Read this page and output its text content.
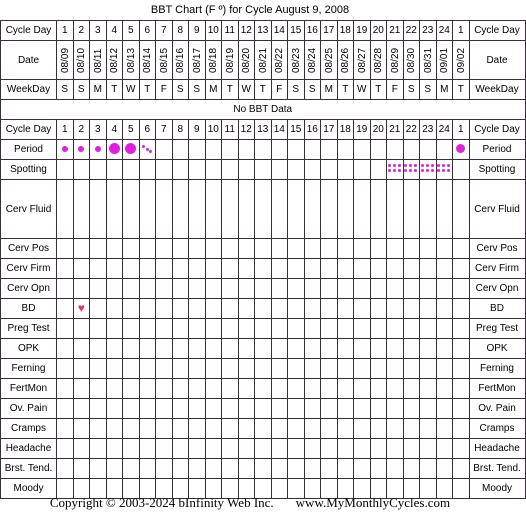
BBT Chart (F º) for Cycle August 9, 2008
Cycle Day	1	2	3	4	5	6	7	8	9	10	11	12	13	14	15	16	17	18	19	20	21	22	23	24	1	Cycle Day
Date	08/09	08/10	08/11	08/12	08/13	08/14	08/15	08/16	08/17	08/18	08/19	08/20	08/21	08/22	08/23	08/24	08/25	08/26	08/27	08/28	08/29	08/30	08/31	09/01	09/02	Date
WeekDay	S	S	M	T	W	T	F	S	S	M	T	W	T	F	S	S	M	T	W	T	F	S	S	M	T	WeekDay
No BBT Data																										
Cycle Day	1	2	3	4	5	6	7	8	9	10	11	12	13	14	15	16	17	18	19	20	21	22	23	24	1	Cycle Day
Period																										Period
Spotting																										Spotting
Cerv Fluid																										Cerv Fluid
Cerv Pos																										Cerv Pos
Cerv Firm																										Cerv Firm
Cerv Opn																										Cerv Opn
BD		♥																								BD
Preg Test																										Preg Test
OPK																										OPK
Ferning																										Ferning
FertMon																										FertMon
Ov. Pain																										Ov. Pain
Cramps																										Cramps
Headache																										Headache
Brst. Tend.																										Brst. Tend.
Moody																										Moody
Copyright © 2003-2024 bInfinity Web Inc. www.MyMonthlyCycles.com
